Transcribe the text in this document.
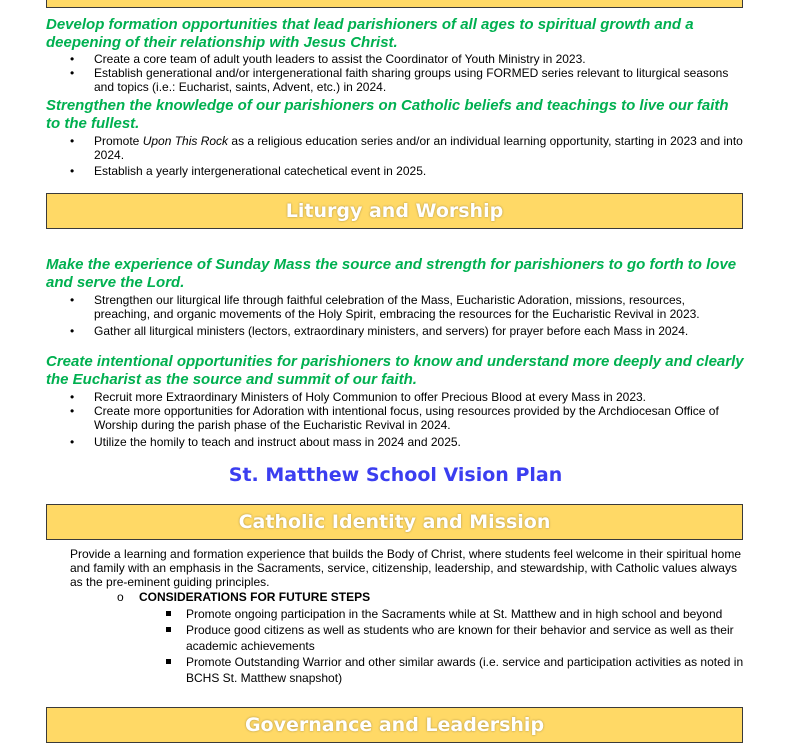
Develop formation opportunities that lead parishioners of all ages to spiritual growth and a deepening of their relationship with Jesus Christ.

• Create a core team of adult youth leaders to assist the Coordinator of Youth Ministry in 2023.
• Establish generational and/or intergenerational faith sharing groups using FORMED series relevant to liturgical seasons and topics (i.e.: Eucharist, saints, Advent, etc.) in 2024.

Strengthen the knowledge of our parishioners on Catholic beliefs and teachings to live our faith to the fullest.

• Promote Upon This Rock as a religious education series and/or an individual learning opportunity, starting in 2023 and into 2024.
• Establish a yearly intergenerational catechetical event in 2025.
Liturgy and Worship

Make the experience of Sunday Mass the source and strength for parishioners to go forth to love and serve the Lord.

• Strengthen our liturgical life through faithful celebration of the Mass, Eucharistic Adoration, missions, resources, preaching, and organic movements of the Holy Spirit, embracing the resources for the Eucharistic Revival in 2023.
• Gather all liturgical ministers (lectors, extraordinary ministers, and servers) for prayer before each Mass in 2024.

Create intentional opportunities for parishioners to know and understand more deeply and clearly the Eucharist as the source and summit of our faith.

• Recruit more Extraordinary Ministers of Holy Communion to offer Precious Blood at every Mass in 2023.
• Create more opportunities for Adoration with intentional focus, using resources provided by the Archdiocesan Office of Worship during the parish phase of the Eucharistic Revival in 2024.
• Utilize the homily to teach and instruct about mass in 2024 and 2025.
St. Matthew School Vision Plan
Catholic Identity and Mission

Provide a learning and formation experience that builds the Body of Christ, where students feel welcome in their spiritual home and family with an emphasis in the Sacraments, service, citizenship, leadership, and stewardship, with Catholic values always as the pre-eminent guiding principles.

o CONSIDERATIONS FOR FUTURE STEPS
Promote ongoing participation in the Sacraments while at St. Matthew and in high school and beyond
Produce good citizens as well as students who are known for their behavior and service as well as their academic achievements
Promote Outstanding Warrior and other similar awards (i.e. service and participation activities as noted in BCHS St. Matthew snapshot)
Governance and Leadership
